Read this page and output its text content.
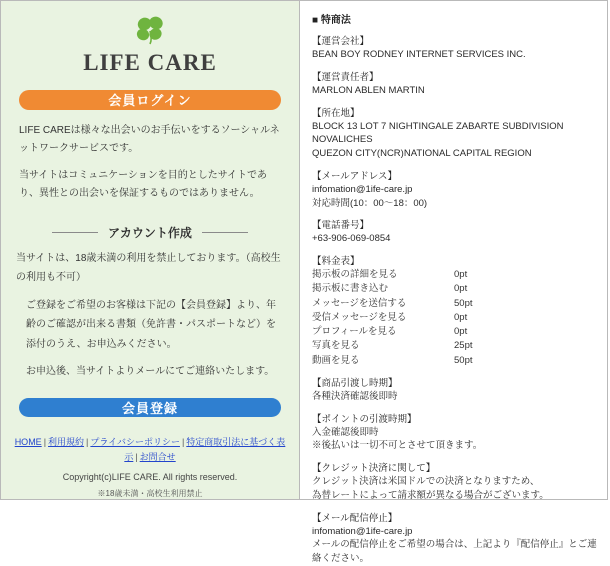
LIFE CARE
会員ログイン

LIFE CAREは様々な出会いのお手伝いをするソーシャルネットワークサービスです。

当サイトはコミュニケーションを目的としたサイトであり、異性との出会いを保証するものではありません。

アカウント作成

当サイトは、18歳未満の利用を禁止しております。（高校生の利用も不可）

ご登録をご希望のお客様は下記の【会員登録】より、年齢のご確認が出来る書類（免許書・パスポートなど）を添付のうえ、お申込みください。

お申込後、当サイトよりメールにてご連絡いたします。

会員登録
HOME | 利用規約 | プライバシーポリシー | 特定商取引法に基づく表示 | お問合せ
Copyright(c)LIFE CARE. All rights reserved.
※18歳未満・高校生利用禁止
■ 特商法
【運営会社】
BEAN BOY RODNEY INTERNET SERVICES INC.
【運営責任者】
MARLON ABLEN MARTIN
【所在地】
BLOCK 13 LOT 7 NIGHTINGALE ZABARTE SUBDIVISION NOVALICHES
QUEZON CITY(NCR)NATIONAL CAPITAL REGION
【メールアドレス】
infomation@1ife-care.jp
対応時間(10：00～18：00)
【電話番号】
+63-906-069-0854
【料金表】
掲示板の詳細を見る	0pt
掲示板に書き込む	0pt
メッセージを送信する	50pt
受信メッセージを見る	0pt
プロフィールを見る	0pt
写真を見る	25pt
動画を見る	50pt
【商品引渡し時期】
各種決済確認後即時
【ポイントの引渡時期】
入金確認後即時
※後払いは一切不可とさせて頂きます。
【クレジット決済に関して】
クレジット決済は米国ドルでの決済となりますため、
為替レートによって請求額が異なる場合がございます。
【メール配信停止】
infomation@1ife-care.jp
メールの配信停止をご希望の場合は、上記より『配信停止』とご連絡ください。
